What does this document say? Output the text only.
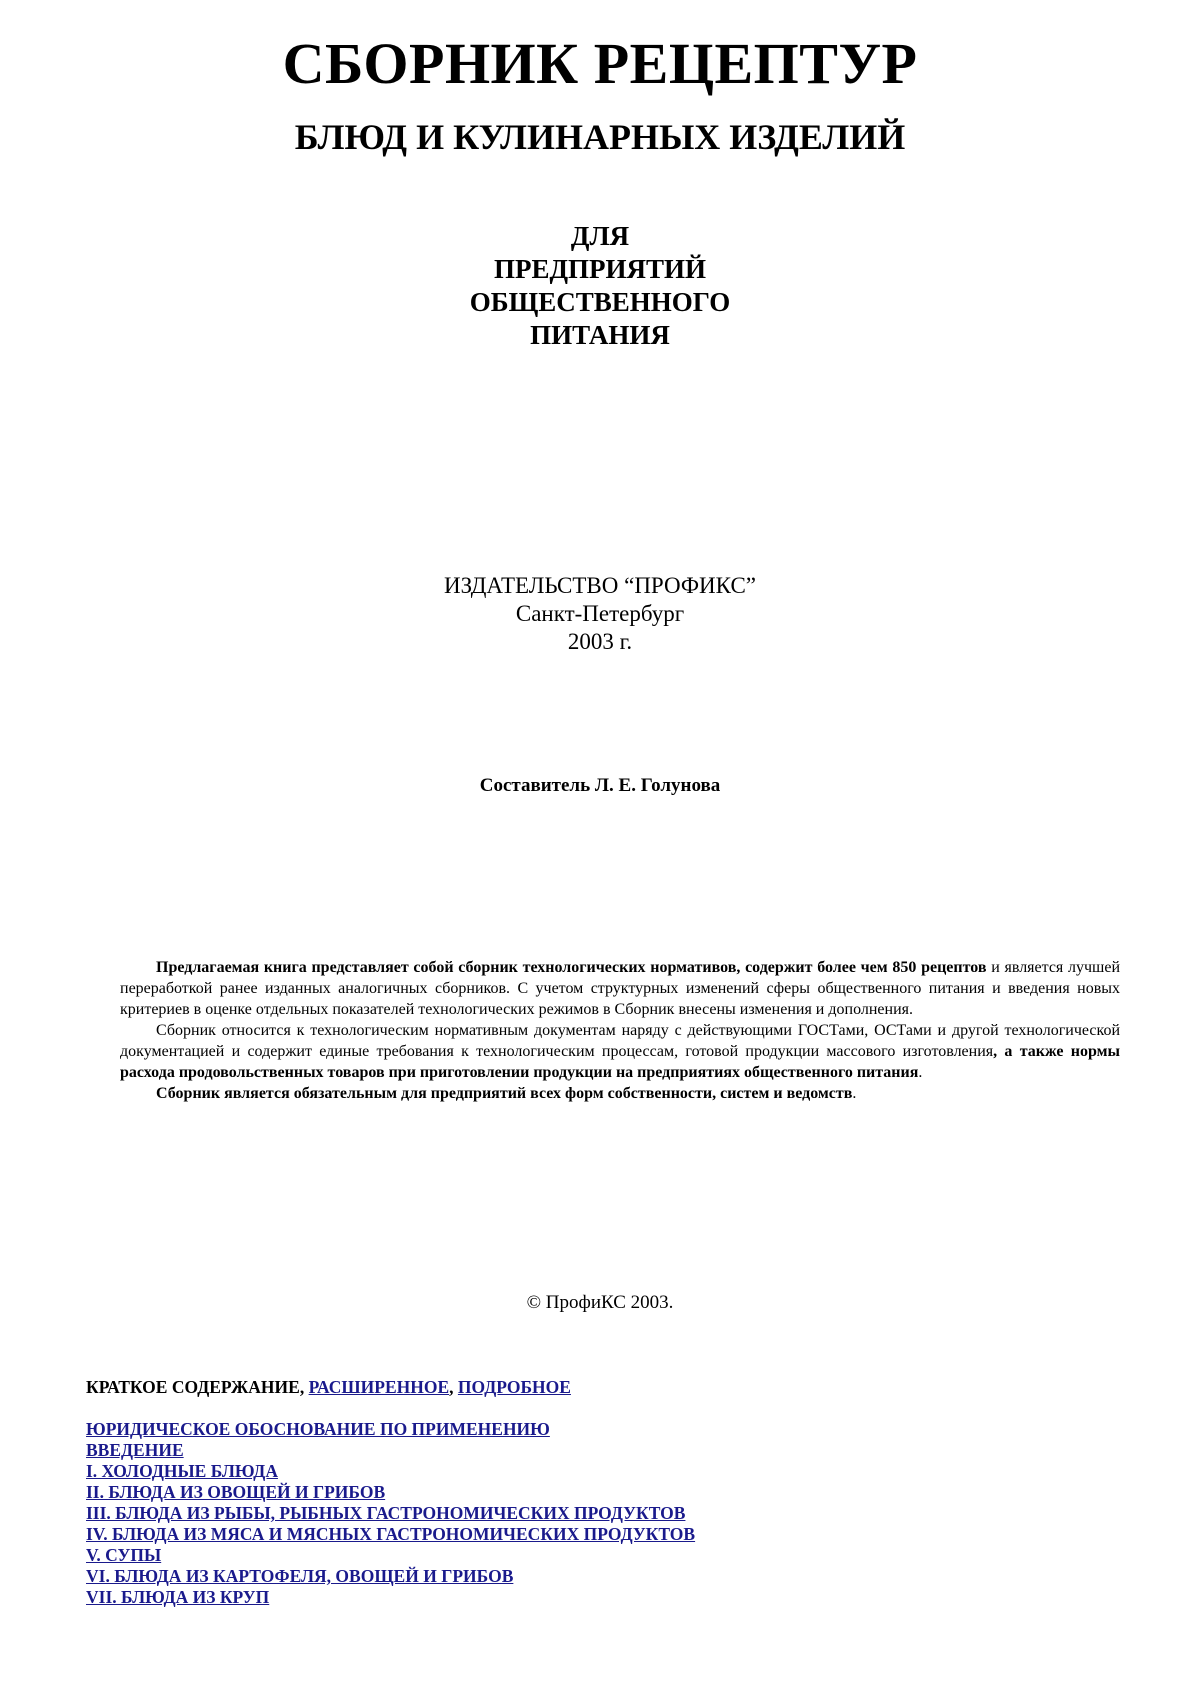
СБОРНИК РЕЦЕПТУР
БЛЮД И КУЛИНАРНЫХ ИЗДЕЛИЙ
ДЛЯ
ПРЕДПРИЯТИЙ
ОБЩЕСТВЕННОГО
ПИТАНИЯ
ИЗДАТЕЛЬСТВО “ПРОФИКС”
Санкт-Петербург
2003 г.
Составитель Л. Е. Голунова

Предлагаемая книга представляет собой сборник технологических нормативов, содержит более чем 850 рецептов и является лучшей переработкой ранее изданных аналогичных сборников. С учетом структурных изменений сферы общественного питания и введения новых критериев в оценке отдельных показателей технологических режимов в Сборник внесены изменения и дополнения.

Сборник относится к технологическим нормативным документам наряду с действующими ГОСТами, ОСТами и другой технологической документацией и содержит единые требования к технологическим процессам, готовой продукции массового изготовления, а также нормы расхода продовольственных товаров при приготовлении продукции на предприятиях общественного питания.

Сборник является обязательным для предприятий всех форм собственности, систем и ведомств.

© ПрофиКС 2003.
КРАТКОЕ СОДЕРЖАНИЕ, РАСШИРЕННОЕ, ПОДРОБНОЕ
ЮРИДИЧЕСКОЕ ОБОСНОВАНИЕ ПО ПРИМЕНЕНИЮ
ВВЕДЕНИЕ
I. ХОЛОДНЫЕ БЛЮДА
II. БЛЮДА ИЗ ОВОЩЕЙ И ГРИБОВ
III. БЛЮДА ИЗ РЫБЫ, РЫБНЫХ ГАСТРОНОМИЧЕСКИХ ПРОДУКТОВ
IV. БЛЮДА ИЗ МЯСА И МЯСНЫХ ГАСТРОНОМИЧЕСКИХ ПРОДУКТОВ
V. СУПЫ
VI. БЛЮДА ИЗ КАРТОФЕЛЯ, ОВОЩЕЙ И ГРИБОВ
VII. БЛЮДА ИЗ КРУП
